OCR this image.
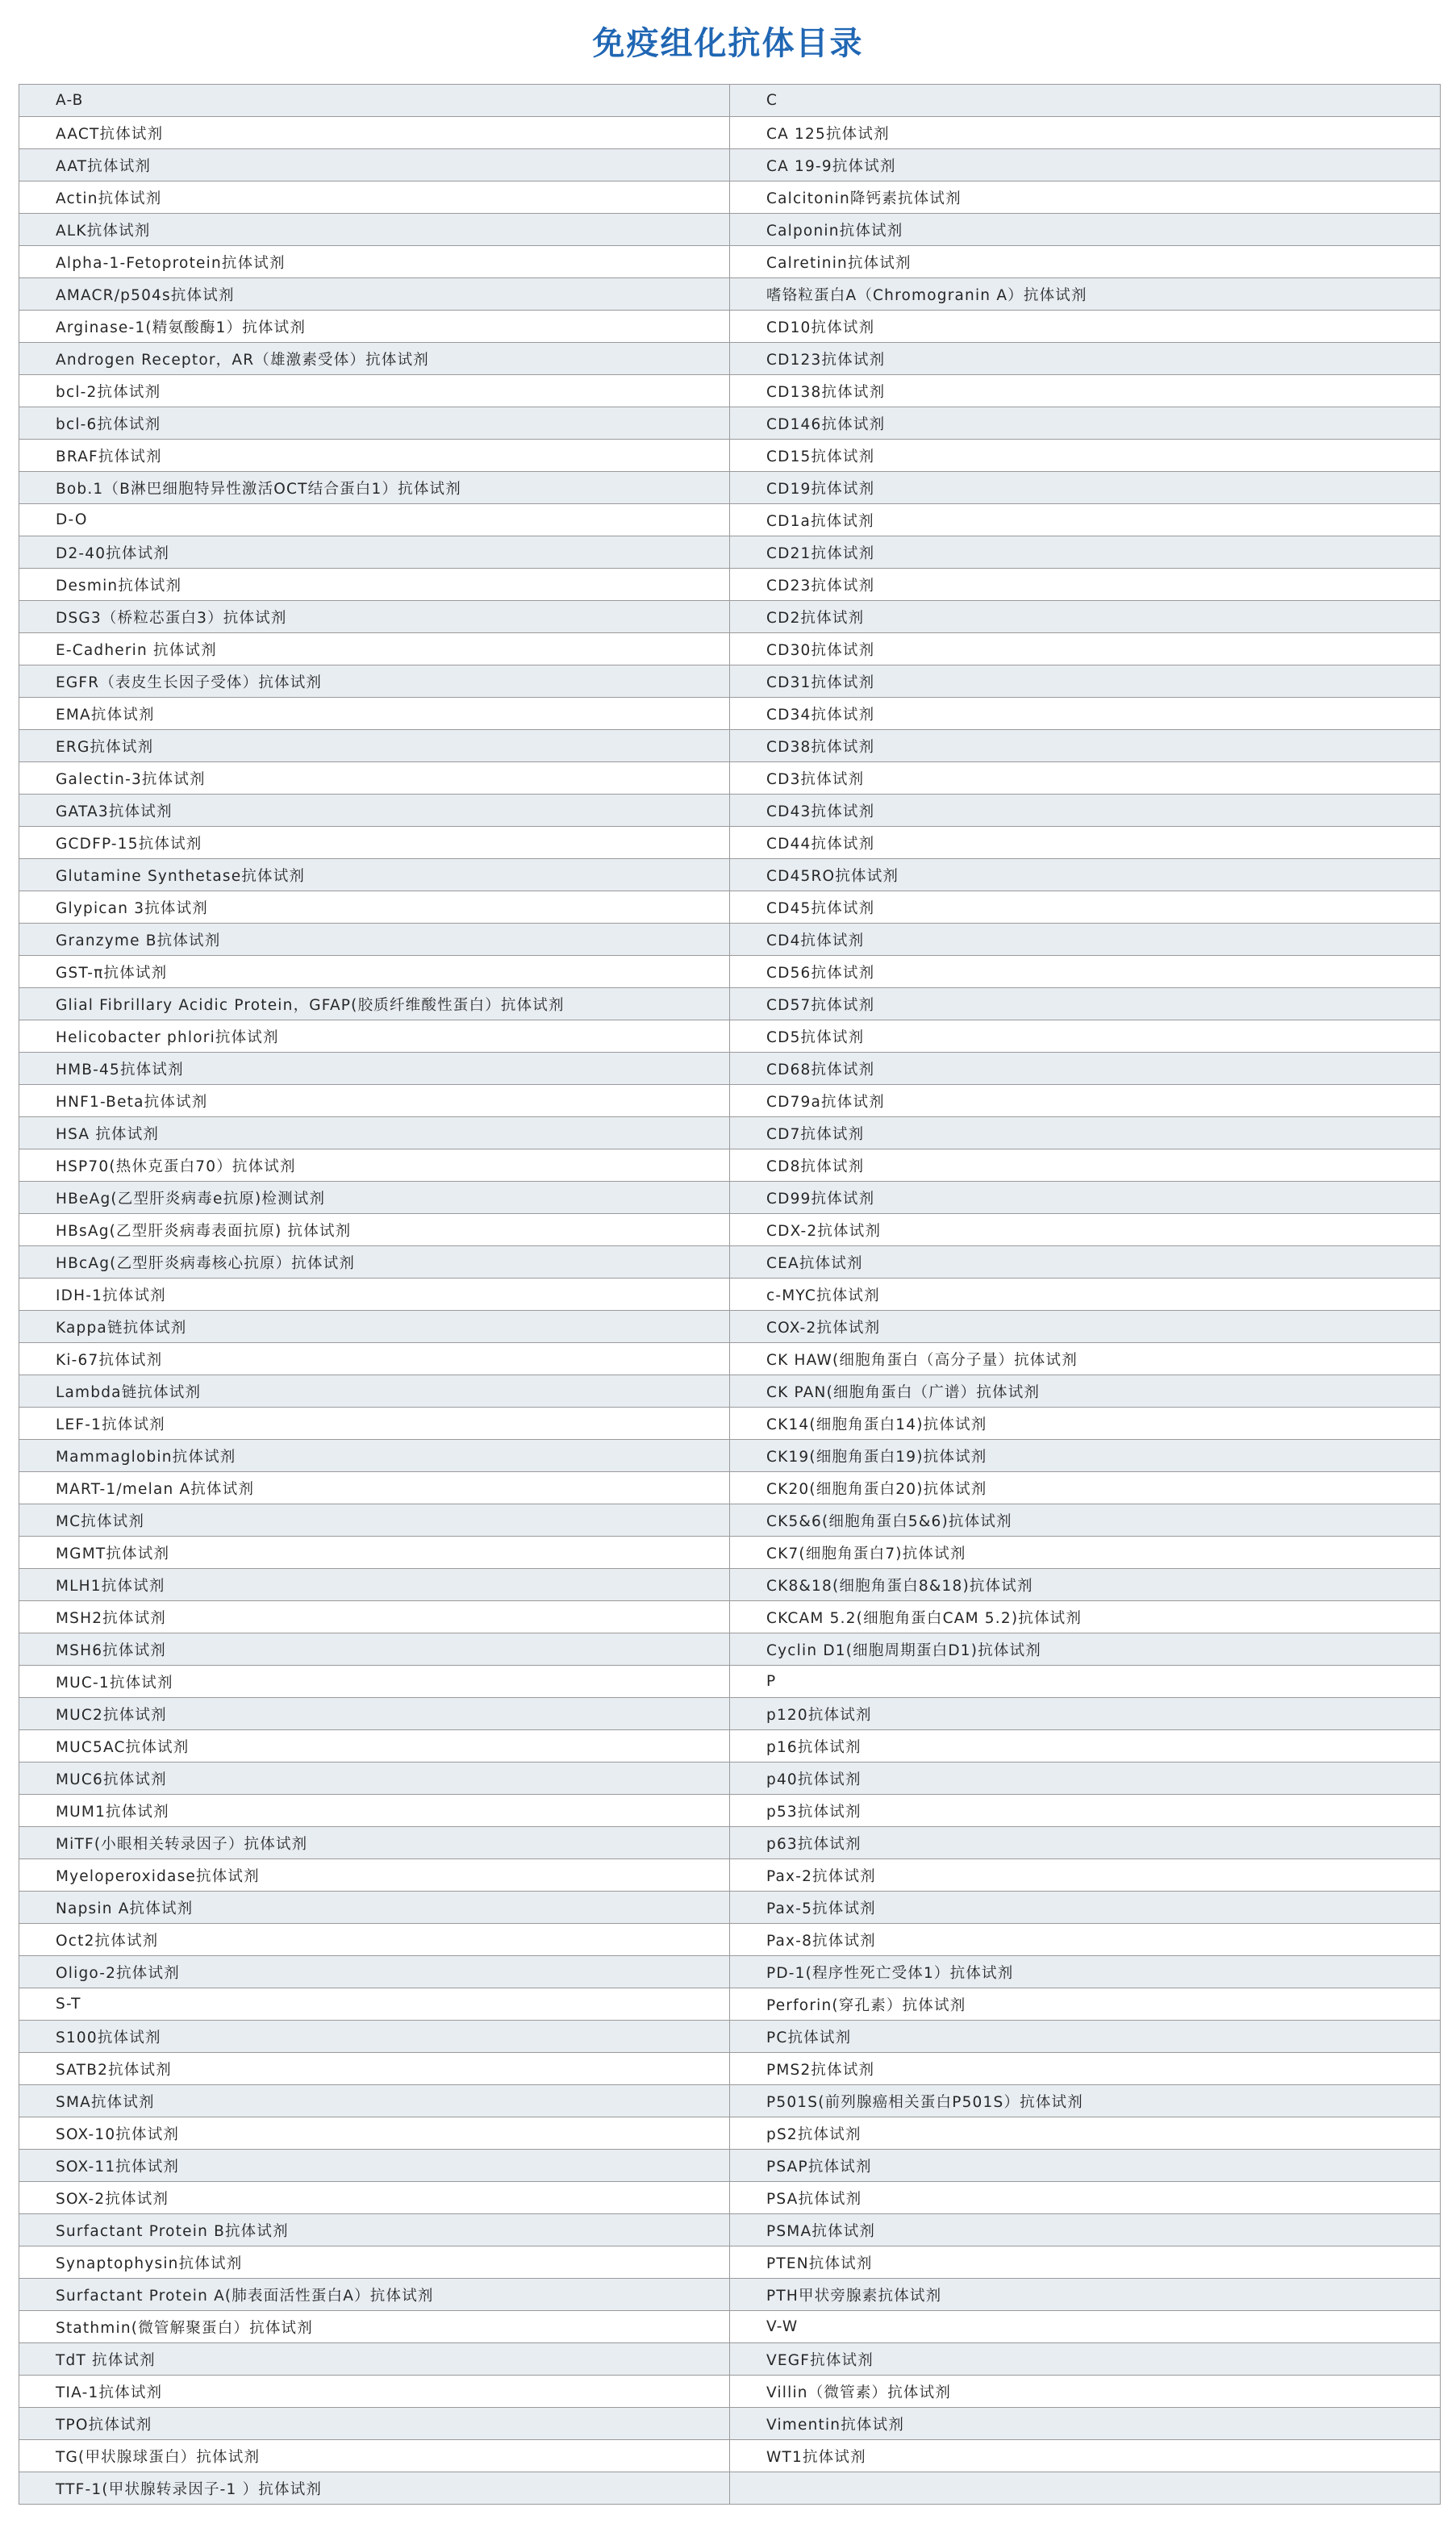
免疫组化抗体目录
A-B	C
AACT抗体试剂	CA 125抗体试剂
AAT抗体试剂	CA 19-9抗体试剂
Actin抗体试剂	Calcitonin降钙素抗体试剂
ALK抗体试剂	Calponin抗体试剂
Alpha-1-Fetoprotein抗体试剂	Calretinin抗体试剂
AMACR/p504s抗体试剂	嗜铬粒蛋白A（Chromogranin A）抗体试剂
Arginase-1(精氨酸酶1）抗体试剂	CD10抗体试剂
Androgen Receptor，AR（雄激素受体）抗体试剂	CD123抗体试剂
bcl-2抗体试剂	CD138抗体试剂
bcl-6抗体试剂	CD146抗体试剂
BRAF抗体试剂	CD15抗体试剂
Bob.1（B淋巴细胞特异性激活OCT结合蛋白1）抗体试剂	CD19抗体试剂
D-O	CD1a抗体试剂
D2-40抗体试剂	CD21抗体试剂
Desmin抗体试剂	CD23抗体试剂
DSG3（桥粒芯蛋白3）抗体试剂	CD2抗体试剂
E-Cadherin 抗体试剂	CD30抗体试剂
EGFR（表皮生长因子受体）抗体试剂	CD31抗体试剂
EMA抗体试剂	CD34抗体试剂
ERG抗体试剂	CD38抗体试剂
Galectin-3抗体试剂	CD3抗体试剂
GATA3抗体试剂	CD43抗体试剂
GCDFP-15抗体试剂	CD44抗体试剂
Glutamine Synthetase抗体试剂	CD45RO抗体试剂
Glypican 3抗体试剂	CD45抗体试剂
Granzyme B抗体试剂	CD4抗体试剂
GST-π抗体试剂	CD56抗体试剂
Glial Fibrillary Acidic Protein，GFAP(胶质纤维酸性蛋白）抗体试剂	CD57抗体试剂
Helicobacter phlori抗体试剂	CD5抗体试剂
HMB-45抗体试剂	CD68抗体试剂
HNF1-Beta抗体试剂	CD79a抗体试剂
HSA 抗体试剂	CD7抗体试剂
HSP70(热休克蛋白70）抗体试剂	CD8抗体试剂
HBeAg(乙型肝炎病毒e抗原)检测试剂	CD99抗体试剂
HBsAg(乙型肝炎病毒表面抗原) 抗体试剂	CDX-2抗体试剂
HBcAg(乙型肝炎病毒核心抗原）抗体试剂	CEA抗体试剂
IDH-1抗体试剂	c-MYC抗体试剂
Kappa链抗体试剂	COX-2抗体试剂
Ki-67抗体试剂	CK HAW(细胞角蛋白（高分子量）抗体试剂
Lambda链抗体试剂	CK PAN(细胞角蛋白（广谱）抗体试剂
LEF-1抗体试剂	CK14(细胞角蛋白14)抗体试剂
Mammaglobin抗体试剂	CK19(细胞角蛋白19)抗体试剂
MART-1/melan A抗体试剂	CK20(细胞角蛋白20)抗体试剂
MC抗体试剂	CK5&6(细胞角蛋白5&6)抗体试剂
MGMT抗体试剂	CK7(细胞角蛋白7)抗体试剂
MLH1抗体试剂	CK8&18(细胞角蛋白8&18)抗体试剂
MSH2抗体试剂	CKCAM 5.2(细胞角蛋白CAM 5.2)抗体试剂
MSH6抗体试剂	Cyclin D1(细胞周期蛋白D1)抗体试剂
MUC-1抗体试剂	P
MUC2抗体试剂	p120抗体试剂
MUC5AC抗体试剂	p16抗体试剂
MUC6抗体试剂	p40抗体试剂
MUM1抗体试剂	p53抗体试剂
MiTF(小眼相关转录因子）抗体试剂	p63抗体试剂
Myeloperoxidase抗体试剂	Pax-2抗体试剂
Napsin A抗体试剂	Pax-5抗体试剂
Oct2抗体试剂	Pax-8抗体试剂
Oligo-2抗体试剂	PD-1(程序性死亡受体1）抗体试剂
S-T	Perforin(穿孔素）抗体试剂
S100抗体试剂	PC抗体试剂
SATB2抗体试剂	PMS2抗体试剂
SMA抗体试剂	P501S(前列腺癌相关蛋白P501S）抗体试剂
SOX-10抗体试剂	pS2抗体试剂
SOX-11抗体试剂	PSAP抗体试剂
SOX-2抗体试剂	PSA抗体试剂
Surfactant Protein B抗体试剂	PSMA抗体试剂
Synaptophysin抗体试剂	PTEN抗体试剂
Surfactant Protein A(肺表面活性蛋白A）抗体试剂	PTH甲状旁腺素抗体试剂
Stathmin(微管解聚蛋白）抗体试剂	V-W
TdT 抗体试剂	VEGF抗体试剂
TIA-1抗体试剂	Villin（微管素）抗体试剂
TPO抗体试剂	Vimentin抗体试剂
TG(甲状腺球蛋白）抗体试剂	WT1抗体试剂
TTF-1(甲状腺转录因子-1 ）抗体试剂	
